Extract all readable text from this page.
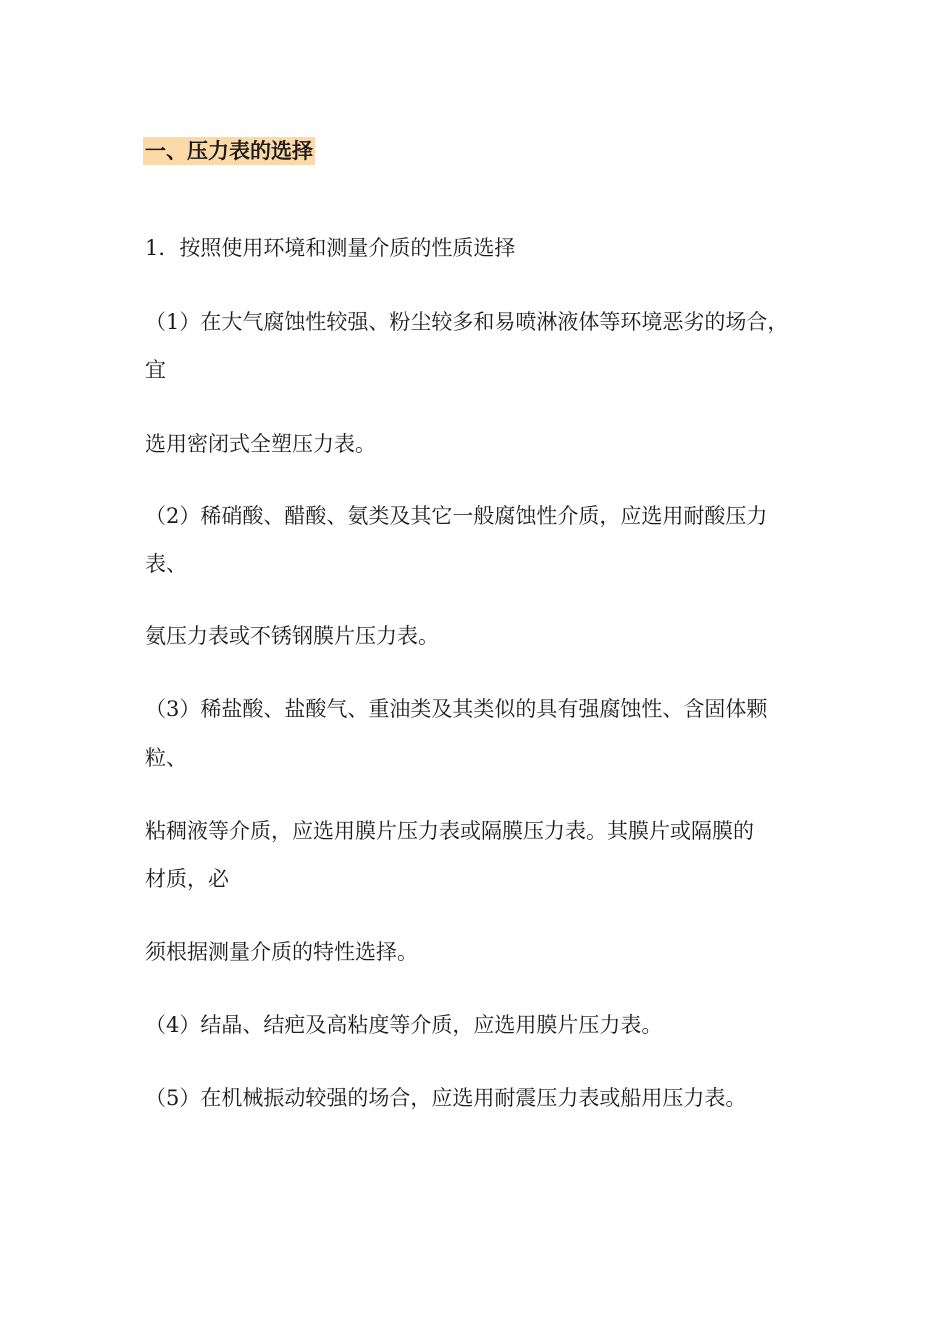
一、压力表的选择

1．按照使用环境和测量介质的性质选择

（1）在大气腐蚀性较强、粉尘较多和易喷淋液体等环境恶劣的场合，

宜

选用密闭式全塑压力表。

（2）稀硝酸、醋酸、氨类及其它一般腐蚀性介质，应选用耐酸压力

表、

氨压力表或不锈钢膜片压力表。

（3）稀盐酸、盐酸气、重油类及其类似的具有强腐蚀性、含固体颗

粒、

粘稠液等介质，应选用膜片压力表或隔膜压力表。其膜片或隔膜的

材质，必

须根据测量介质的特性选择。

（4）结晶、结疤及高粘度等介质，应选用膜片压力表。

（5）在机械振动较强的场合，应选用耐震压力表或船用压力表。
